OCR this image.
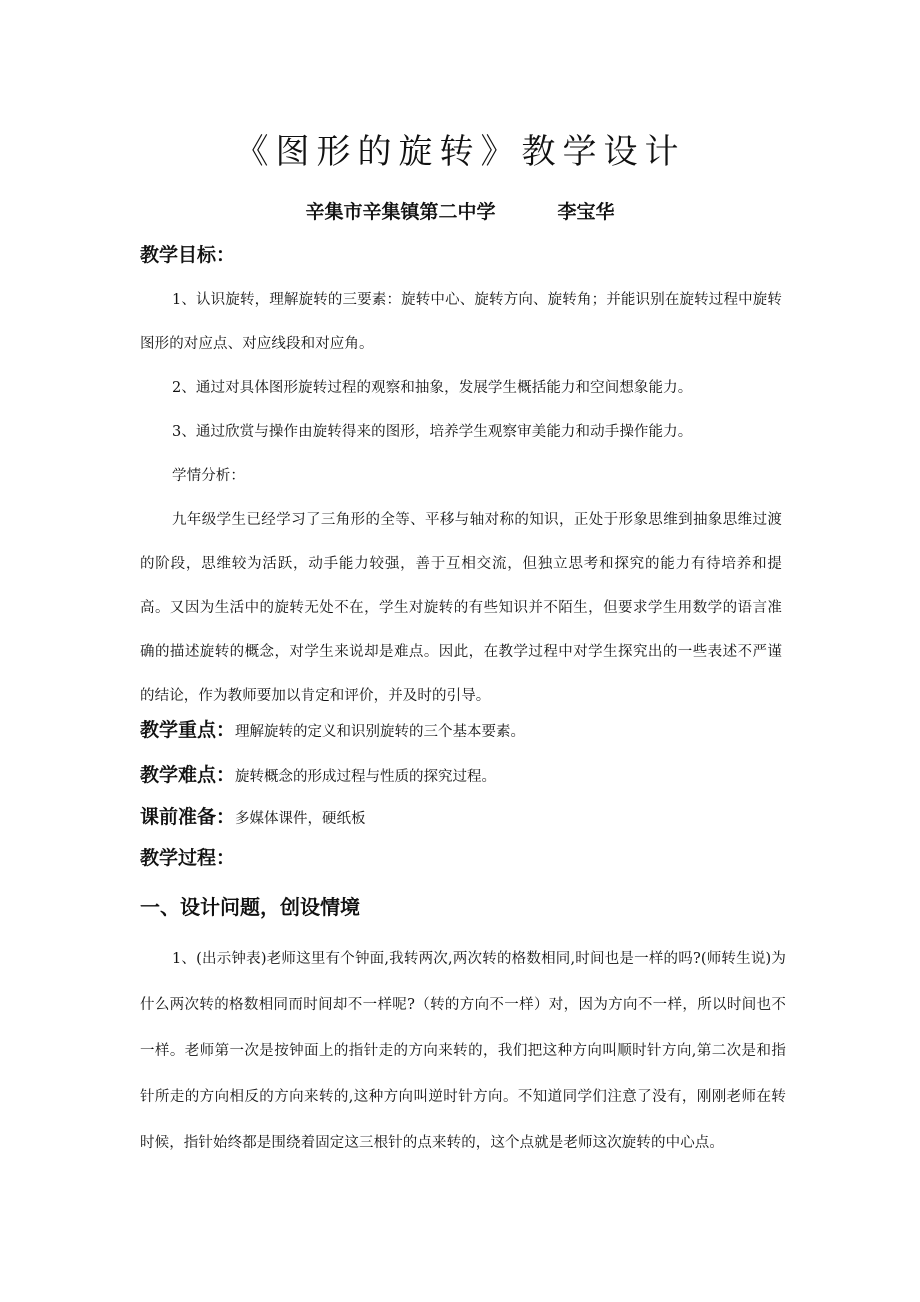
《图形的旋转》教学设计
辛集市辛集镇第二中学	李宝华
教学目标：
1、认识旋转，理解旋转的三要素：旋转中心、旋转方向、旋转角；并能识别在旋转过程中旋转图形的对应点、对应线段和对应角。
2、通过对具体图形旋转过程的观察和抽象，发展学生概括能力和空间想象能力。
3、通过欣赏与操作由旋转得来的图形，培养学生观察审美能力和动手操作能力。
学情分析：
九年级学生已经学习了三角形的全等、平移与轴对称的知识，正处于形象思维到抽象思维过渡的阶段，思维较为活跃，动手能力较强，善于互相交流，但独立思考和探究的能力有待培养和提高。又因为生活中的旋转无处不在，学生对旋转的有些知识并不陌生，但要求学生用数学的语言准确的描述旋转的概念，对学生来说却是难点。因此，在教学过程中对学生探究出的一些表述不严谨的结论，作为教师要加以肯定和评价，并及时的引导。
教学重点：理解旋转的定义和识别旋转的三个基本要素。
教学难点：旋转概念的形成过程与性质的探究过程。
课前准备：多媒体课件，硬纸板
教学过程：
一、设计问题，创设情境
1、(出示钟表)老师这里有个钟面,我转两次,两次转的格数相同,时间也是一样的吗?(师转生说)为什么两次转的格数相同而时间却不一样呢?（转的方向不一样）对，因为方向不一样，所以时间也不一样。老师第一次是按钟面上的指针走的方向来转的，我们把这种方向叫顺时针方向,第二次是和指针所走的方向相反的方向来转的,这种方向叫逆时针方向。不知道同学们注意了没有，刚刚老师在转时候，指针始终都是围绕着固定这三根针的点来转的，这个点就是老师这次旋转的中心点。
